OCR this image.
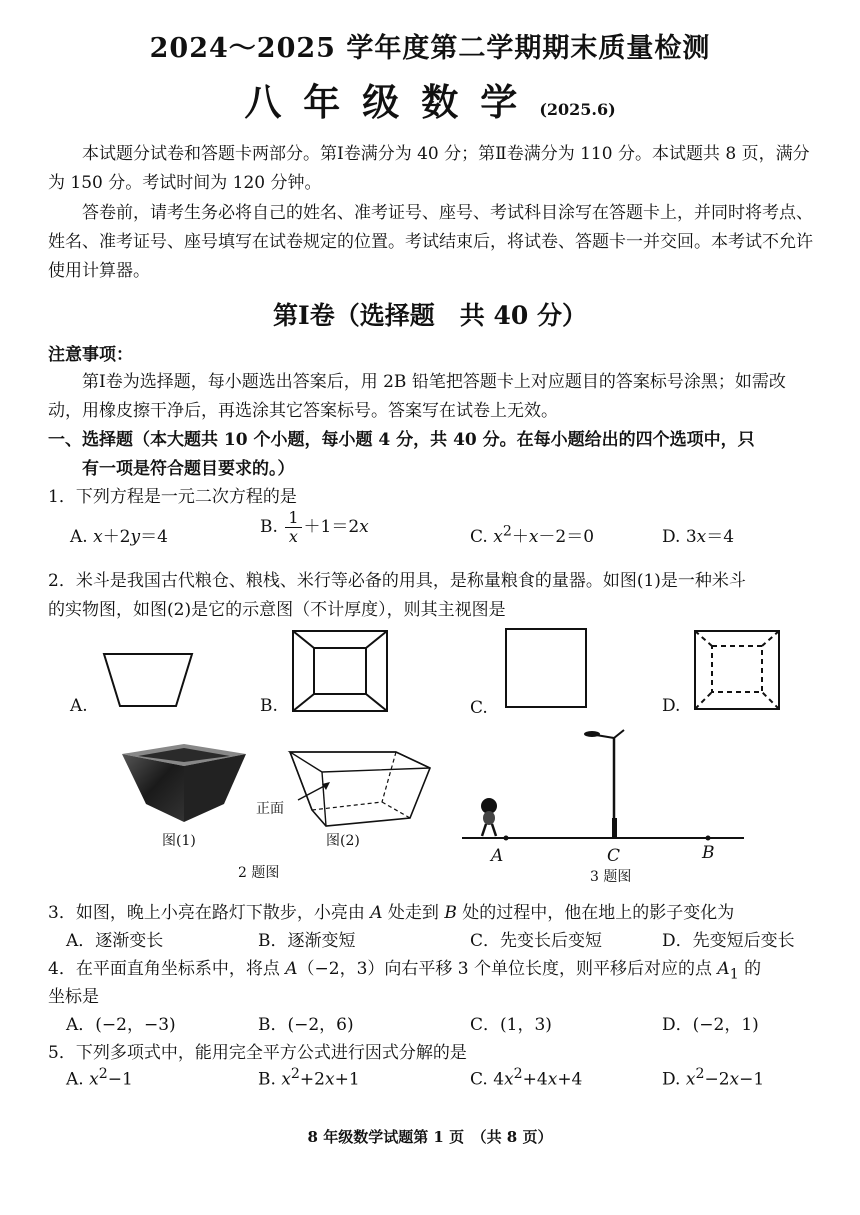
2024～2025 学年度第二学期期末质量检测
八年级数学(2025.6)
本试题分试卷和答题卡两部分。第Ⅰ卷满分为 40 分；第Ⅱ卷满分为 110 分。本试题共 8 页，满分为 150 分。考试时间为 120 分钟。
答卷前，请考生务必将自己的姓名、准考证号、座号、考试科目涂写在答题卡上，并同时将考点、姓名、准考证号、座号填写在试卷规定的位置。考试结束后，将试卷、答题卡一并交回。本考试不允许使用计算器。
第Ⅰ卷（选择题　共 40 分）
注意事项：
第Ⅰ卷为选择题，每小题选出答案后，用 2B 铅笔把答题卡上对应题目的答案标号涂黑；如需改动，用橡皮擦干净后，再选涂其它答案标号。答案写在试卷上无效。
一、选择题（本大题共 10 个小题，每小题 4 分，共 40 分。在每小题给出的四个选项中，只
有一项是符合题目要求的。）
1．下列方程是一元二次方程的是
A. x＋2y＝4	B. $\frac{1}{x} +1=2x$	C. $x^2+x-2=0$	D. 3x＝4
2．米斗是我国古代粮仓、粮栈、米行等必备的用具，是称量粮食的量器。如图(1)是一种米斗
的实物图，如图(2)是它的示意图（不计厚度），则其主视图是
A.	B.	C.	D.
图(1)
正面
图(2)
2 题图
A	C	B
3 题图
3．如图，晚上小亮在路灯下散步，小亮由 A 处走到 B 处的过程中，他在地上的影子变化为
A．逐渐变长	B．逐渐变短	C．先变长后变短	D．先变短后变长
4．在平面直角坐标系中，将点 A（−2，3）向右平移 3 个单位长度，则平移后对应的点 $A_1$ 的
坐标是
A．(−2，−3)	B．(−2，6)	C．(1，3)	D．(−2，1)
5．下列多项式中，能用完全平方公式进行因式分解的是
A. $x^2-1$	B. $x^2+2x+1$	C. $4x^2+4x+4$	D. $x^2-2x-1$
8 年级数学试题第 1 页　（共 8 页）
